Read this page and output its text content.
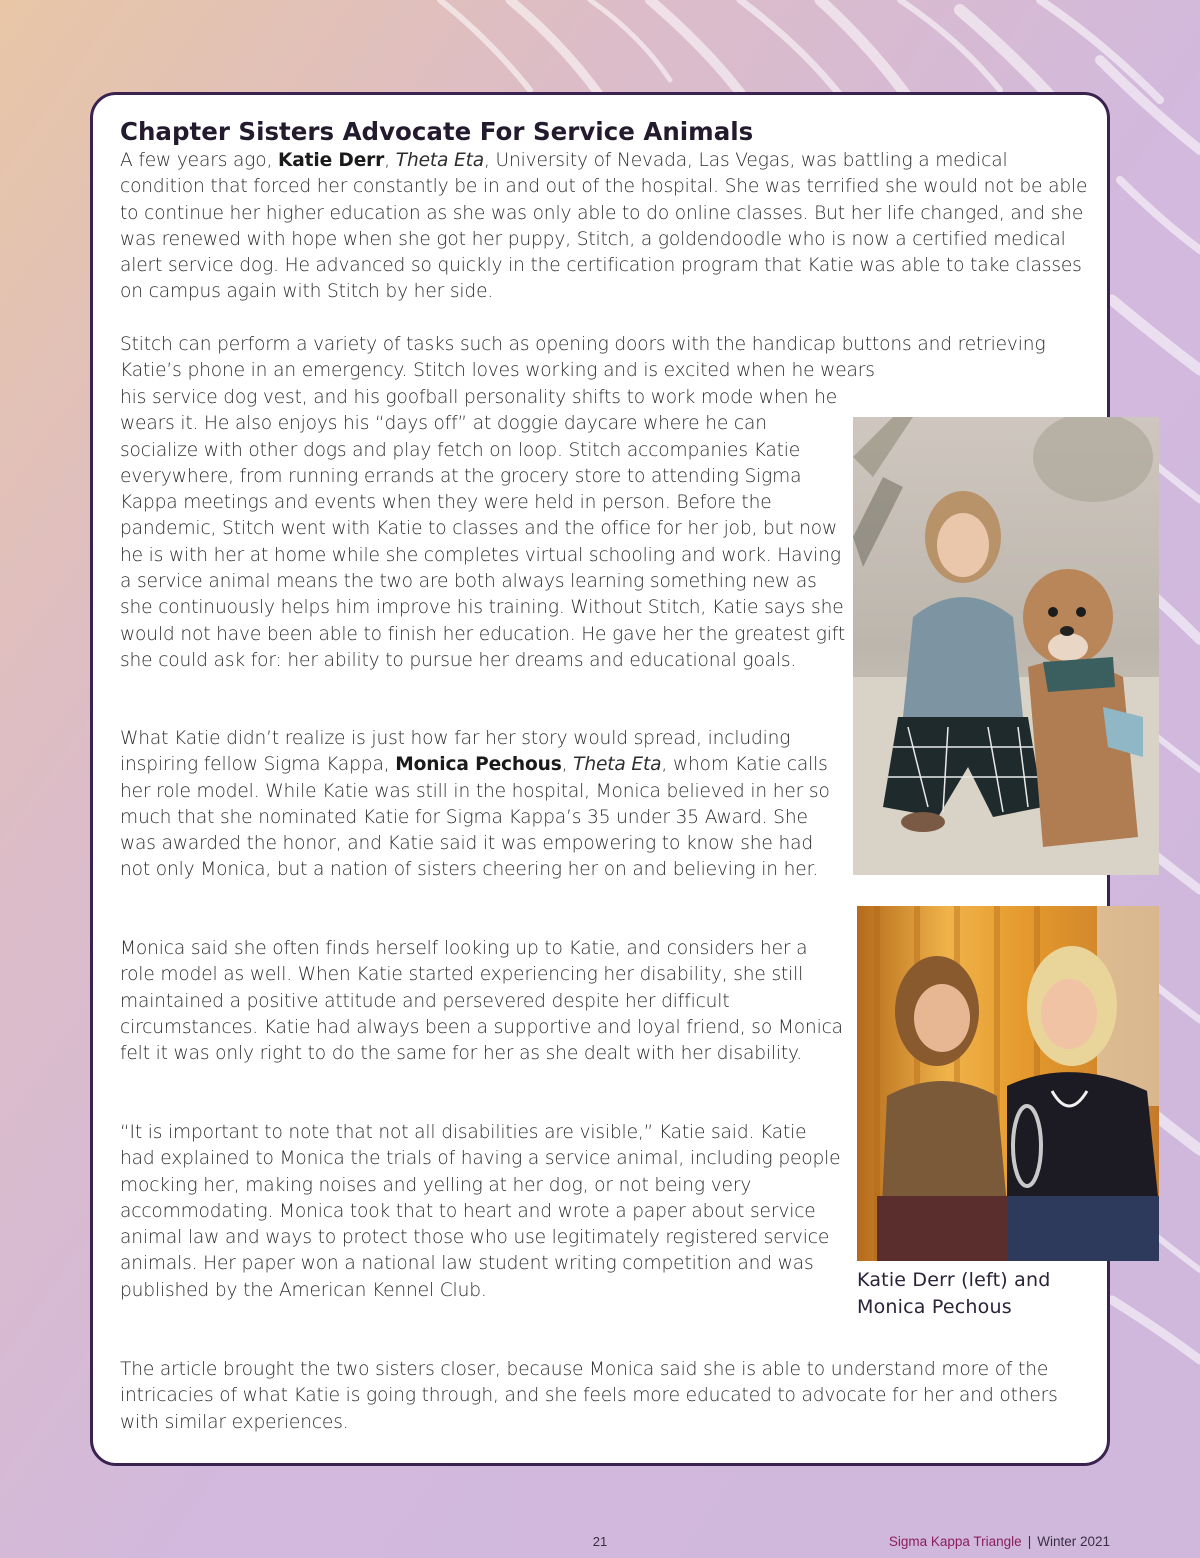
Chapter Sisters Advocate For Service Animals

A few years ago, Katie Derr, Theta Eta, University of Nevada, Las Vegas, was battling a medical condition that forced her constantly be in and out of the hospital. She was terrified she would not be able to continue her higher education as she was only able to do online classes. But her life changed, and she was renewed with hope when she got her puppy, Stitch, a goldendoodle who is now a certified medical alert service dog. He advanced so quickly in the certification program that Katie was able to take classes on campus again with Stitch by her side.

Stitch can perform a variety of tasks such as opening doors with the handicap buttons and retrieving Katie’s phone in an emergency. Stitch loves working and is excited when he wears

his service dog vest, and his goofball personality shifts to work mode when he wears it. He also enjoys his “days off” at doggie daycare where he can socialize with other dogs and play fetch on loop. Stitch accompanies Katie everywhere, from running errands at the grocery store to attending Sigma Kappa meetings and events when they were held in person. Before the pandemic, Stitch went with Katie to classes and the office for her job, but now he is with her at home while she completes virtual schooling and work. Having a service animal means the two are both always learning something new as she continuously helps him improve his training. Without Stitch, Katie says she would not have been able to finish her education. He gave her the greatest gift she could ask for: her ability to pursue her dreams and educational goals.

What Katie didn’t realize is just how far her story would spread, including inspiring fellow Sigma Kappa, Monica Pechous, Theta Eta, whom Katie calls her role model. While Katie was still in the hospital, Monica believed in her so much that she nominated Katie for Sigma Kappa’s 35 under 35 Award. She was awarded the honor, and Katie said it was empowering to know she had not only Monica, but a nation of sisters cheering her on and believing in her.

Monica said she often finds herself looking up to Katie, and considers her a role model as well. When Katie started experiencing her disability, she still maintained a positive attitude and persevered despite her difficult circumstances. Katie had always been a supportive and loyal friend, so Monica felt it was only right to do the same for her as she dealt with her disability.

“It is important to note that not all disabilities are visible,” Katie said. Katie had explained to Monica the trials of having a service animal, including people mocking her, making noises and yelling at her dog, or not being very accommodating. Monica took that to heart and wrote a paper about service animal law and ways to protect those who use legitimately registered service animals. Her paper won a national law student writing competition and was published by the American Kennel Club.

The article brought the two sisters closer, because Monica said she is able to understand more of the intricacies of what Katie is going through, and she feels more educated to advocate for her and others with similar experiences.

Katie Derr (left) and Monica Pechous

21	Sigma Kappa Triangle | Winter 2021
